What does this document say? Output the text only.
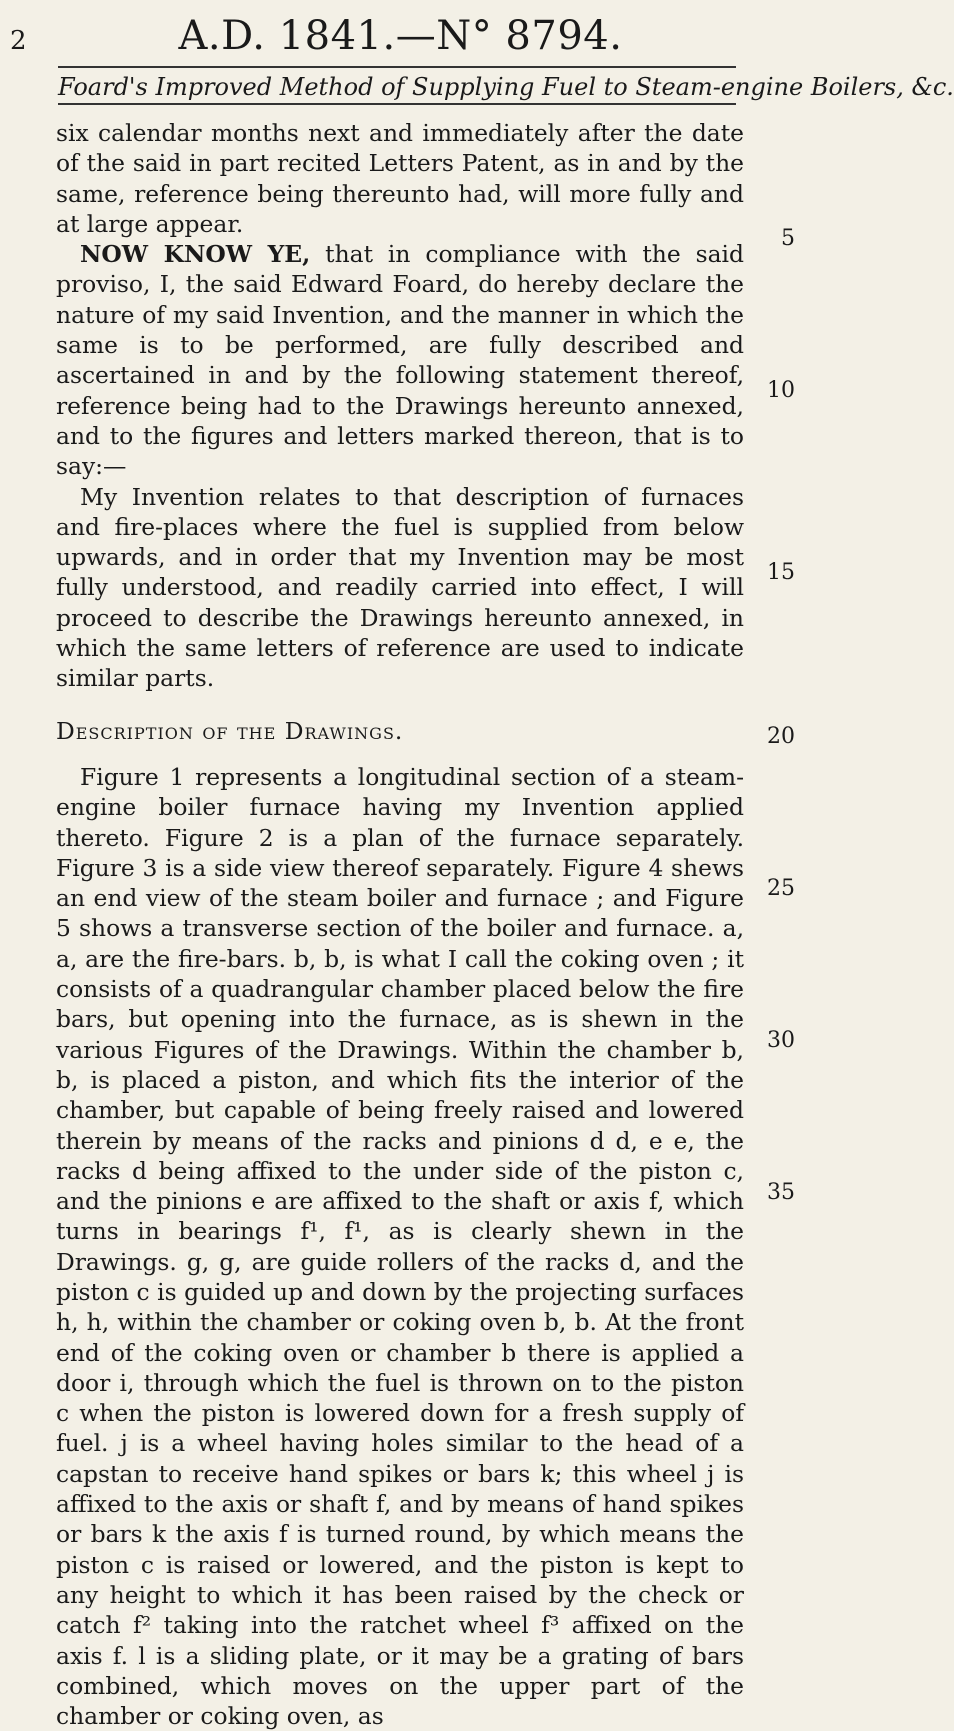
2	A.D. 1841.—N° 8794.
Foard's Improved Method of Supplying Fuel to Steam-engine Boilers, &c.

six calendar months next and immediately after the date of the said in part recited Letters Patent, as in and by the same, reference being thereunto had, will more fully and at large appear.

NOW KNOW YE, that in compliance with the said proviso, I, the said Edward Foard, do hereby declare the nature of my said Invention, and the manner in which the same is to be performed, are fully described and ascertained in and by the following statement thereof, reference being had to the Drawings hereunto annexed, and to the figures and letters marked thereon, that is to say:—

My Invention relates to that description of furnaces and fire-places where the fuel is supplied from below upwards, and in order that my Invention may be most fully understood, and readily carried into effect, I will proceed to describe the Drawings hereunto annexed, in which the same letters of reference are used to indicate similar parts.

Description of the Drawings.

Figure 1 represents a longitudinal section of a steam-engine boiler furnace having my Invention applied thereto. Figure 2 is a plan of the furnace separately. Figure 3 is a side view thereof separately. Figure 4 shews an end view of the steam boiler and furnace ; and Figure 5 shows a transverse section of the boiler and furnace. a, a, are the fire-bars. b, b, is what I call the coking oven ; it consists of a quadrangular chamber placed below the fire bars, but opening into the furnace, as is shewn in the various Figures of the Drawings. Within the chamber b, b, is placed a piston, and which fits the interior of the chamber, but capable of being freely raised and lowered therein by means of the racks and pinions d d, e e, the racks d being affixed to the under side of the piston c, and the pinions e are affixed to the shaft or axis f, which turns in bearings f¹, f¹, as is clearly shewn in the Drawings. g, g, are guide rollers of the racks d, and the piston c is guided up and down by the projecting surfaces h, h, within the chamber or coking oven b, b. At the front end of the coking oven or chamber b there is applied a door i, through which the fuel is thrown on to the piston c when the piston is lowered down for a fresh supply of fuel. j is a wheel having holes similar to the head of a capstan to receive hand spikes or bars k; this wheel j is affixed to the axis or shaft f, and by means of hand spikes or bars k the axis f is turned round, by which means the piston c is raised or lowered, and the piston is kept to any height to which it has been raised by the check or catch f² taking into the ratchet wheel f³ affixed on the axis f. l is a sliding plate, or it may be a grating of bars combined, which moves on the upper part of the chamber or coking oven, as

5
10
15
20
25
30
35
